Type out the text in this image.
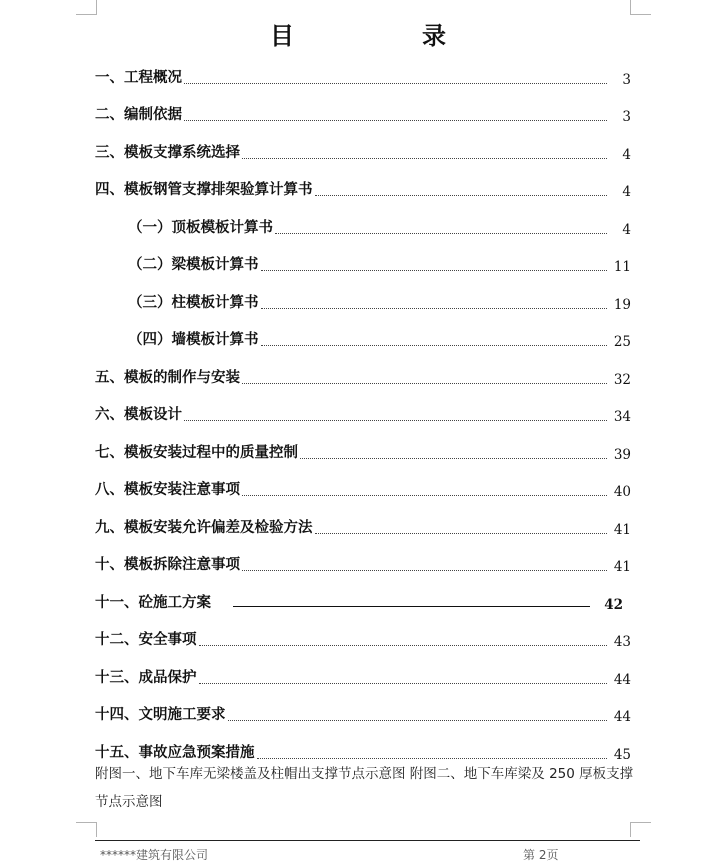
目　录
一、工程概况	3
二、编制依据	3
三、模板支撑系统选择	4
四、模板钢管支撑排架验算计算书	4
（一）顶板模板计算书	4
（二）梁模板计算书	11
（三）柱模板计算书	19
（四）墙模板计算书	25
五、模板的制作与安装	32
六、模板设计	34
七、模板安装过程中的质量控制	39
八、模板安装注意事项	40
九、模板安装允许偏差及检验方法	41
十、模板拆除注意事项	41
十一、砼施工方案	42
十二、安全事项	43
十三、成品保护	44
十四、文明施工要求	44
十五、事故应急预案措施	45
附图一、地下车库无梁楼盖及柱帽出支撑节点示意图 附图二、地下车库梁及 250 厚板支撑节点示意图
******建筑有限公司	第 2页
